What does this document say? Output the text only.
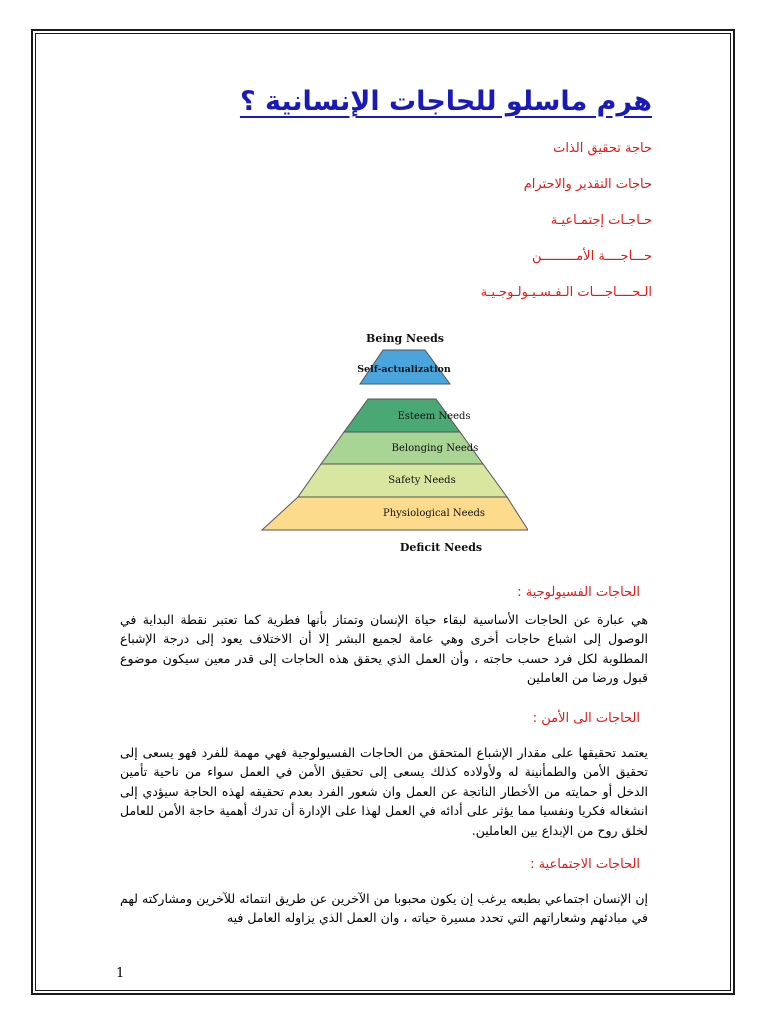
هرم ماسلو للحاجات الإنسانية ؟

حاجة تحقيق الذات

حاجات التقدير والاحترام

حـاجـات إجتمـاعيـة

حـــاجــــة الأمـــــــــن

الـحــــاجـــات الـفـسـيـولـوجـيـة

Being Needs
Self-actualization
Esteem Needs
Belonging Needs
Safety Needs
Physiological Needs
Deficit Needs

الحاجات الفسيولوجية :

هي عبارة عن الحاجات الأساسية لبقاء حياة الإنسان وتمتاز بأنها فطرية كما تعتبر نقطة البداية في الوصول إلى اشباع حاجات أخرى وهي عامة لجميع البشر إلا أن الاختلاف يعود إلى درجة الإشباع المطلوبة لكل فرد حسب حاجته ، وأن العمل الذي يحقق هذه الحاجات إلى قدر معين سيكون موضوع قبول ورضا من العاملين

الحاجات الى الأمن :

يعتمد تحقيقها على مقدار الإشباع المتحقق من الحاجات الفسيولوجية فهي مهمة للفرد فهو يسعى إلى تحقيق الأمن والطمأنينة له ولأولاده كذلك يسعى إلى تحقيق الأمن في العمل سواء من ناحية تأمين الدخل أو حمايته من الأخطار الناتجة عن العمل وان شعور الفرد بعدم تحقيقه لهذه الحاجة سيؤدي إلى انشغاله فكريا ونفسيا مما يؤثر على أدائه في العمل لهذا على الإدارة أن تدرك أهمية حاجة الأمن للعامل لخلق روح من الإبداع بين العاملين.

الحاجات الاجتماعية :

إن الإنسان اجتماعي بطبعه يرغب إن يكون محبوبا من الآخرين عن طريق انتمائه للآخرين ومشاركته لهم في مبادئهم وشعاراتهم التي تحدد مسيرة حياته ، وان العمل الذي يزاوله العامل فيه

1
